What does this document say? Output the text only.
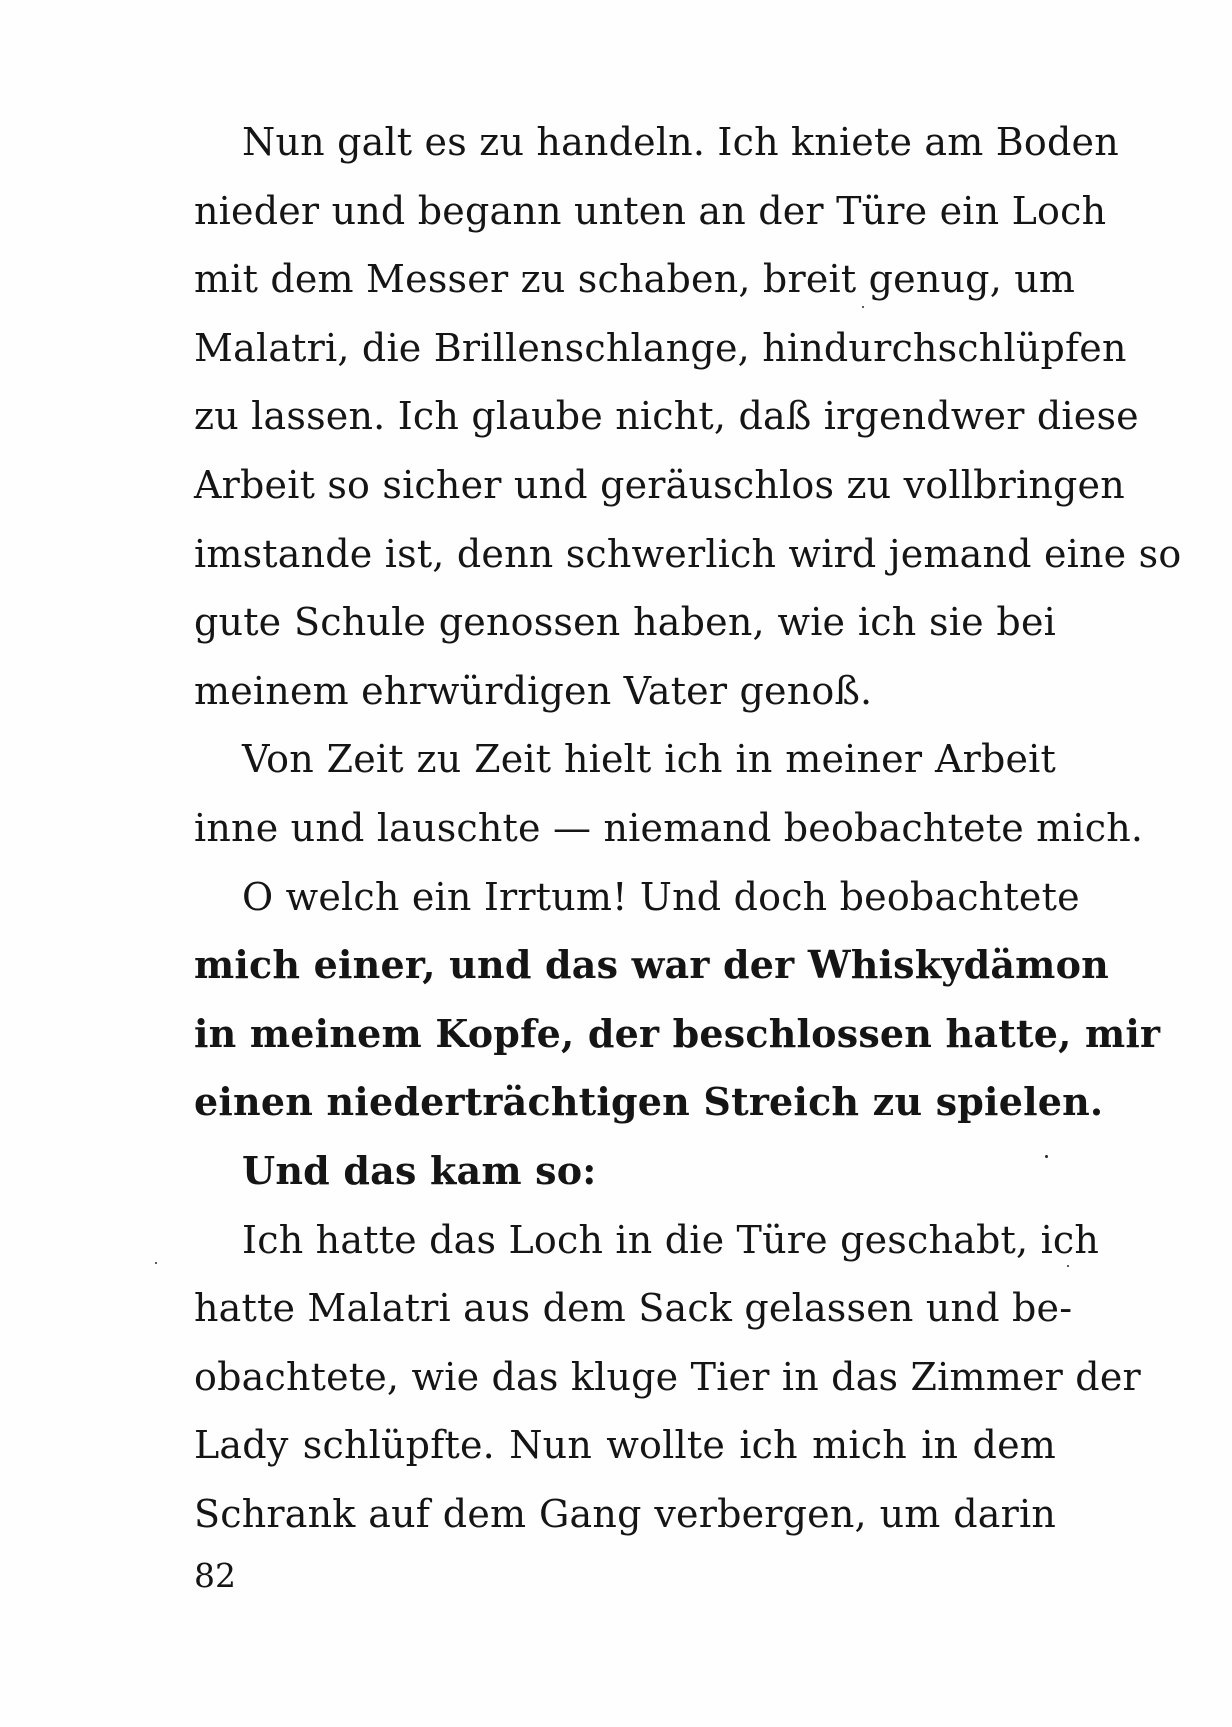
Nun galt es zu handeln. Ich kniete am Boden
nieder und begann unten an der Türe ein Loch
mit dem Messer zu schaben, breit genug, um
Malatri, die Brillenschlange, hindurchschlüpfen
zu lassen. Ich glaube nicht, daß irgendwer diese
Arbeit so sicher und geräuschlos zu vollbringen
imstande ist, denn schwerlich wird jemand eine so
gute Schule genossen haben, wie ich sie bei
meinem ehrwürdigen Vater genoß.
Von Zeit zu Zeit hielt ich in meiner Arbeit
inne und lauschte — niemand beobachtete mich.
O welch ein Irrtum! Und doch beobachtete
mich einer, und das war der Whiskydämon
in meinem Kopfe, der beschlossen hatte, mir
einen niederträchtigen Streich zu spielen.
Und das kam so:
Ich hatte das Loch in die Türe geschabt, ich
hatte Malatri aus dem Sack gelassen und be-
obachtete, wie das kluge Tier in das Zimmer der
Lady schlüpfte. Nun wollte ich mich in dem
Schrank auf dem Gang verbergen, um darin
82
